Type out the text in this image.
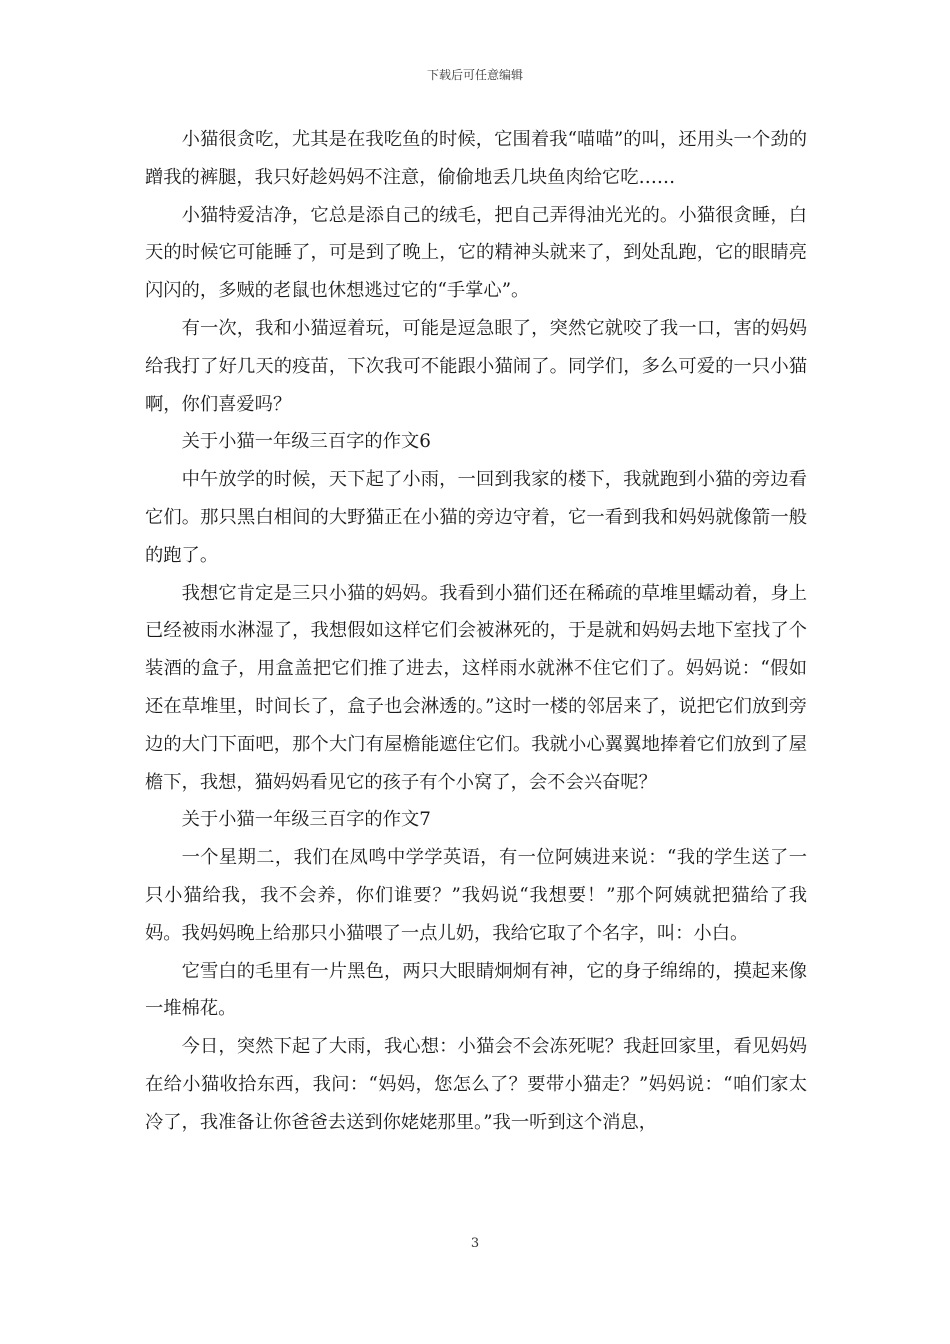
下载后可任意编辑

小猫很贪吃，尤其是在我吃鱼的时候，它围着我“喵喵”的叫，还用头一个劲的蹭我的裤腿，我只好趁妈妈不注意，偷偷地丢几块鱼肉给它吃……

小猫特爱洁净，它总是添自己的绒毛，把自己弄得油光光的。小猫很贪睡，白天的时候它可能睡了，可是到了晚上，它的精神头就来了，到处乱跑，它的眼睛亮闪闪的，多贼的老鼠也休想逃过它的“手掌心”。

有一次，我和小猫逗着玩，可能是逗急眼了，突然它就咬了我一口，害的妈妈给我打了好几天的疫苗，下次我可不能跟小猫闹了。同学们，多么可爱的一只小猫啊，你们喜爱吗？

关于小猫一年级三百字的作文6

中午放学的时候，天下起了小雨，一回到我家的楼下，我就跑到小猫的旁边看它们。那只黑白相间的大野猫正在小猫的旁边守着，它一看到我和妈妈就像箭一般的跑了。

我想它肯定是三只小猫的妈妈。我看到小猫们还在稀疏的草堆里蠕动着，身上已经被雨水淋湿了，我想假如这样它们会被淋死的，于是就和妈妈去地下室找了个装酒的盒子，用盒盖把它们推了进去，这样雨水就淋不住它们了。妈妈说：“假如还在草堆里，时间长了，盒子也会淋透的。”这时一楼的邻居来了，说把它们放到旁边的大门下面吧，那个大门有屋檐能遮住它们。我就小心翼翼地捧着它们放到了屋檐下，我想，猫妈妈看见它的孩子有个小窝了，会不会兴奋呢？

关于小猫一年级三百字的作文7

一个星期二，我们在凤鸣中学学英语，有一位阿姨进来说：“我的学生送了一只小猫给我，我不会养，你们谁要？”我妈说“我想要！”那个阿姨就把猫给了我妈。我妈妈晚上给那只小猫喂了一点儿奶，我给它取了个名字，叫：小白。

它雪白的毛里有一片黑色，两只大眼睛炯炯有神，它的身子绵绵的，摸起来像一堆棉花。

今日，突然下起了大雨，我心想：小猫会不会冻死呢？我赶回家里，看见妈妈在给小猫收拾东西，我问：“妈妈，您怎么了？要带小猫走？”妈妈说：“咱们家太冷了，我准备让你爸爸去送到你姥姥那里。”我一听到这个消息，

3
